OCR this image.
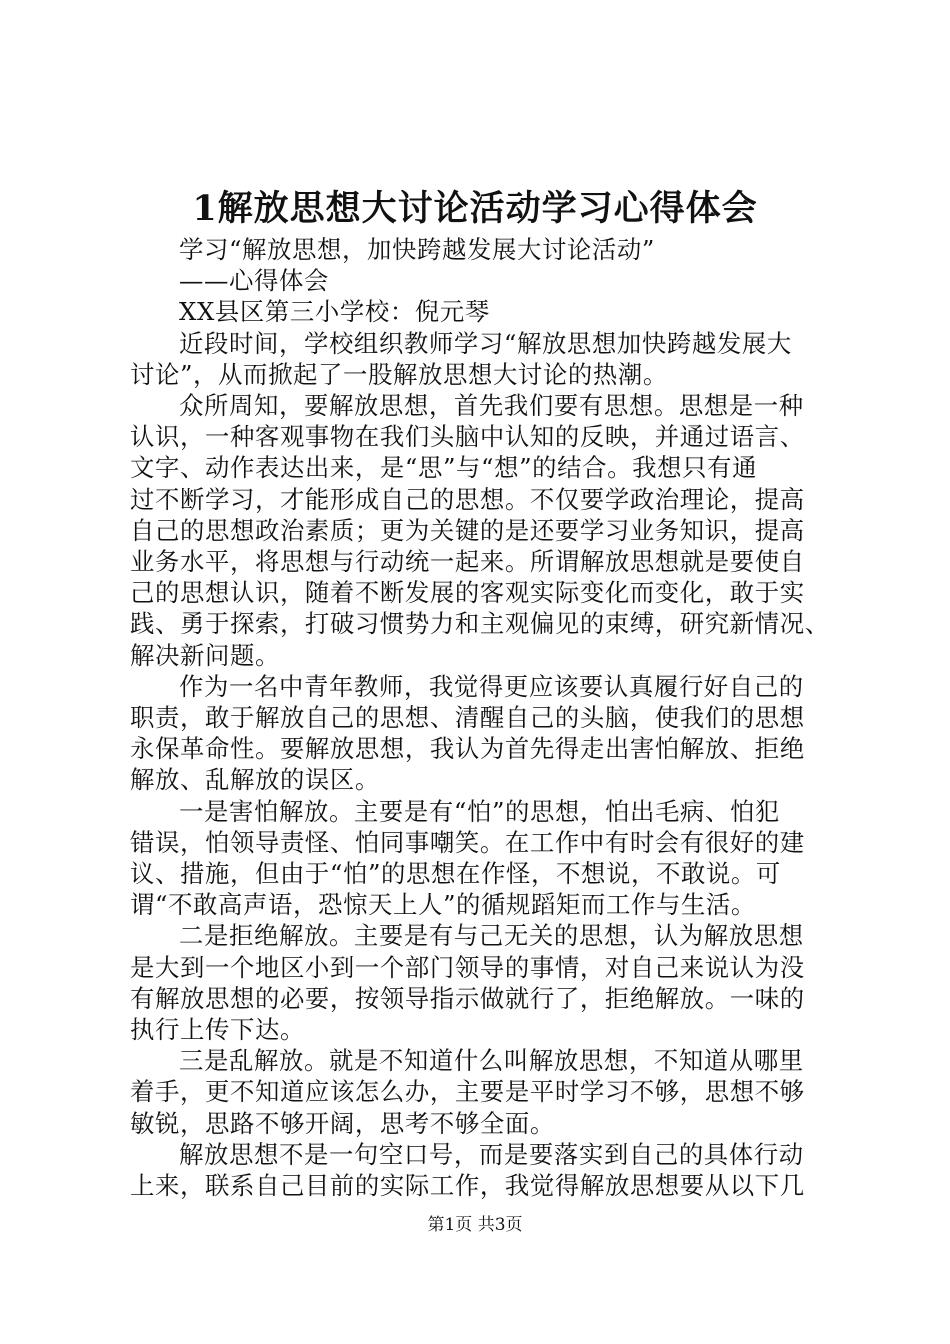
1解放思想大讨论活动学习心得体会
学习“解放思想，加快跨越发展大讨论活动”
——心得体会
XX县区第三小学校：倪元琴
近段时间，学校组织教师学习“解放思想加快跨越发展大
讨论”，从而掀起了一股解放思想大讨论的热潮。
众所周知，要解放思想，首先我们要有思想。思想是一种
认识，一种客观事物在我们头脑中认知的反映，并通过语言、
文字、动作表达出来，是“思”与“想”的结合。我想只有通
过不断学习，才能形成自己的思想。不仅要学政治理论，提高
自己的思想政治素质；更为关键的是还要学习业务知识，提高
业务水平，将思想与行动统一起来。所谓解放思想就是要使自
己的思想认识，随着不断发展的客观实际变化而变化，敢于实
践、勇于探索，打破习惯势力和主观偏见的束缚，研究新情况、
解决新问题。
作为一名中青年教师，我觉得更应该要认真履行好自己的
职责，敢于解放自己的思想、清醒自己的头脑，使我们的思想
永保革命性。要解放思想，我认为首先得走出害怕解放、拒绝
解放、乱解放的误区。
一是害怕解放。主要是有“怕”的思想，怕出毛病、怕犯
错误，怕领导责怪、怕同事嘲笑。在工作中有时会有很好的建
议、措施，但由于“怕”的思想在作怪，不想说，不敢说。可
谓“不敢高声语，恐惊天上人”的循规蹈矩而工作与生活。
二是拒绝解放。主要是有与己无关的思想，认为解放思想
是大到一个地区小到一个部门领导的事情，对自己来说认为没
有解放思想的必要，按领导指示做就行了，拒绝解放。一味的
执行上传下达。
三是乱解放。就是不知道什么叫解放思想，不知道从哪里
着手，更不知道应该怎么办，主要是平时学习不够，思想不够
敏锐，思路不够开阔，思考不够全面。
解放思想不是一句空口号，而是要落实到自己的具体行动
上来，联系自己目前的实际工作，我觉得解放思想要从以下几
第1页 共3页
